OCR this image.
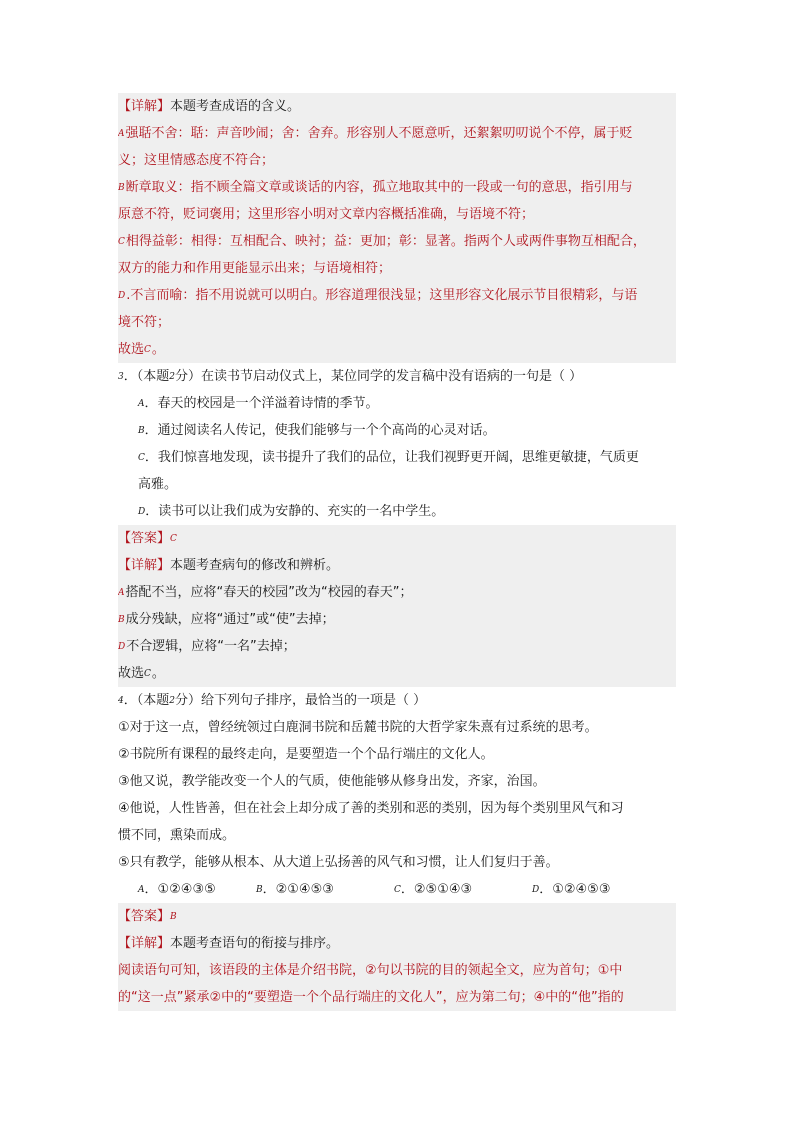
【详解】本题考查成语的含义。
A强聒不舍：聒：声音吵闹；舍：舍弃。形容别人不愿意听，还絮絮叨叨说个不停，属于贬
义；这里情感态度不符合；
B断章取义：指不顾全篇文章或谈话的内容，孤立地取其中的一段或一句的意思，指引用与
原意不符，贬词褒用；这里形容小明对文章内容概括准确，与语境不符；
C相得益彰：相得：互相配合、映衬；益：更加；彰：显著。指两个人或两件事物互相配合，
双方的能力和作用更能显示出来；与语境相符；
D.不言而喻：指不用说就可以明白。形容道理很浅显；这里形容文化展示节目很精彩，与语
境不符；
故选C。
3．（本题2分）在读书节启动仪式上，某位同学的发言稿中没有语病的一句是（ ）
A．春天的校园是一个洋溢着诗情的季节。
B．通过阅读名人传记，使我们能够与一个个高尚的心灵对话。
C．我们惊喜地发现，读书提升了我们的品位，让我们视野更开阔，思维更敏捷，气质更
高雅。
D．读书可以让我们成为安静的、充实的一名中学生。
【答案】C
【详解】本题考查病句的修改和辨析。
A搭配不当，应将“春天的校园”改为“校园的春天”；
B成分残缺，应将“通过”或“使”去掉；
D不合逻辑，应将“一名”去掉；
故选C。
4．（本题2分）给下列句子排序，最恰当的一项是（ ）
①对于这一点，曾经统领过白鹿洞书院和岳麓书院的大哲学家朱熹有过系统的思考。
②书院所有课程的最终走向，是要塑造一个个品行端庄的文化人。
③他又说，教学能改变一个人的气质，使他能够从修身出发，齐家，治国。
④他说，人性皆善，但在社会上却分成了善的类别和恶的类别，因为每个类别里风气和习
惯不同，熏染而成。
⑤只有教学，能够从根本、从大道上弘扬善的风气和习惯，让人们复归于善。
A．①②④③⑤	B．②①④⑤③	C．②⑤①④③	D．①②④⑤③
【答案】B
【详解】本题考查语句的衔接与排序。
阅读语句可知，该语段的主体是介绍书院，②句以书院的目的领起全文，应为首句；①中
的“这一点”紧承②中的“要塑造一个个品行端庄的文化人”，应为第二句；④中的“他”指的
